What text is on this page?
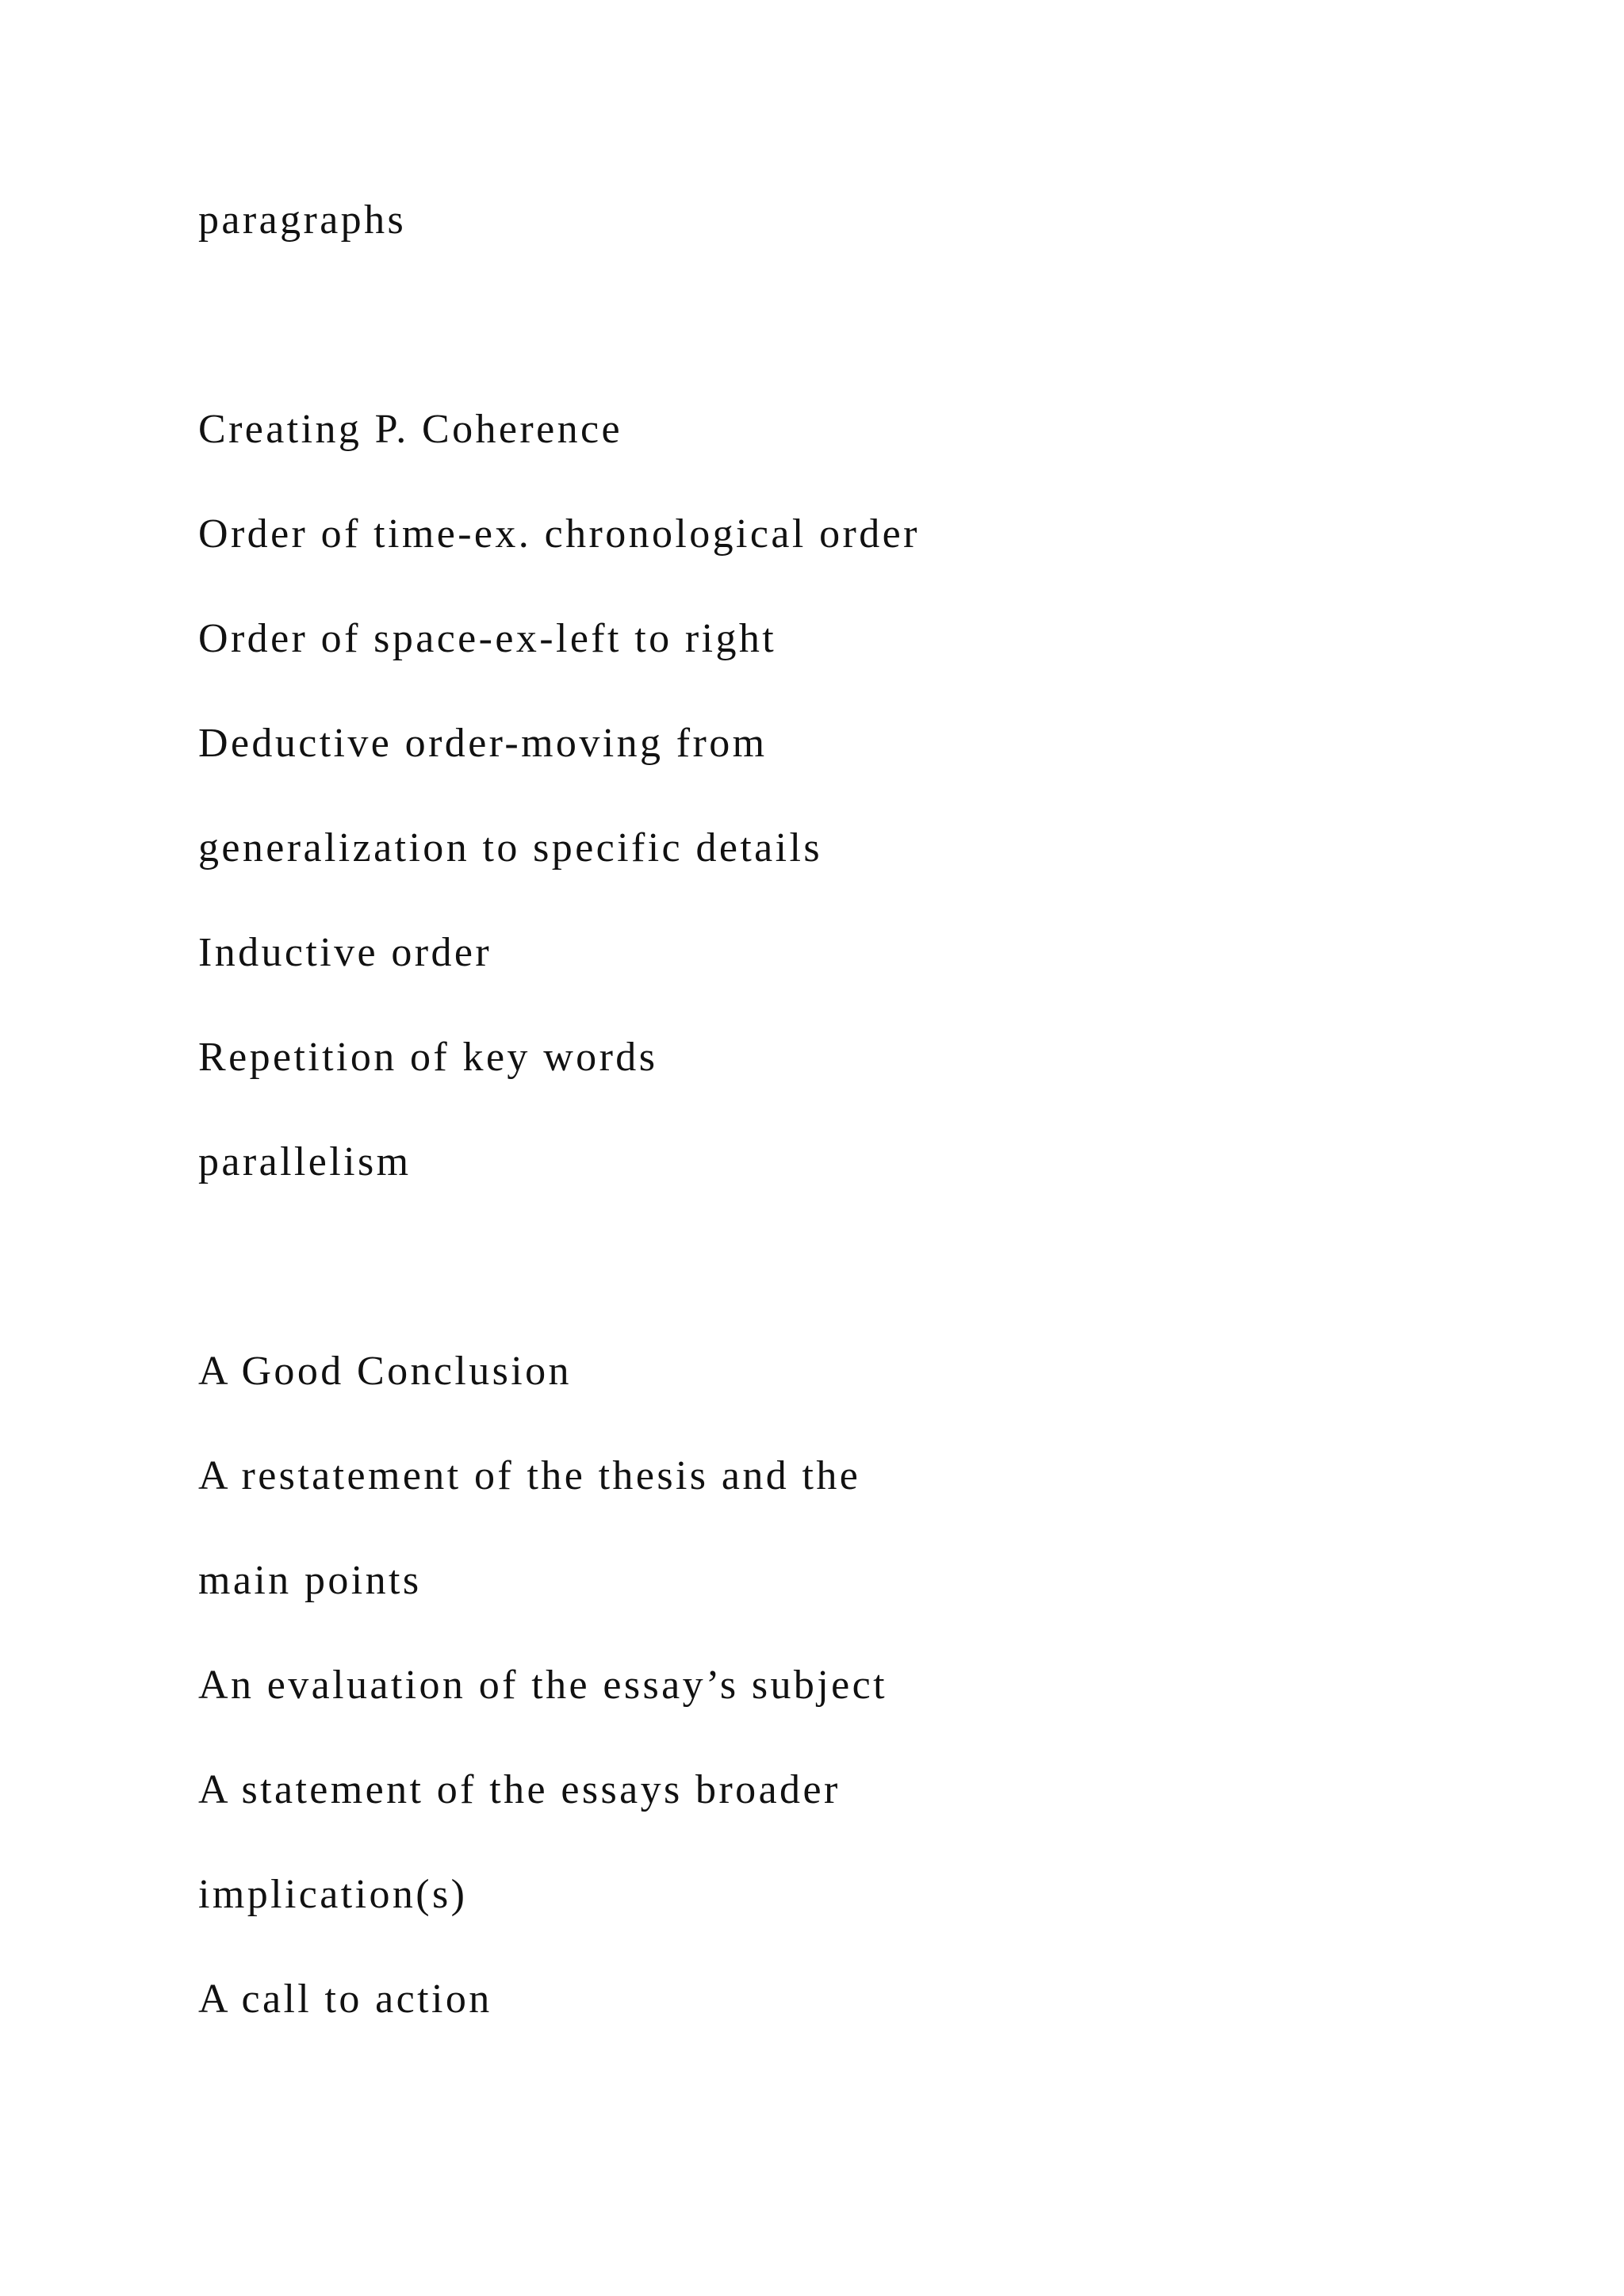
paragraphs

Creating P. Coherence

Order of time-ex. chronological order

Order of space-ex-left to right

Deductive order-moving from

generalization to specific details

Inductive order

Repetition of key words

parallelism

A Good Conclusion

A restatement of the thesis and the

main points

An evaluation of the essay’s subject

A statement of the essays broader

implication(s)

A call to action
